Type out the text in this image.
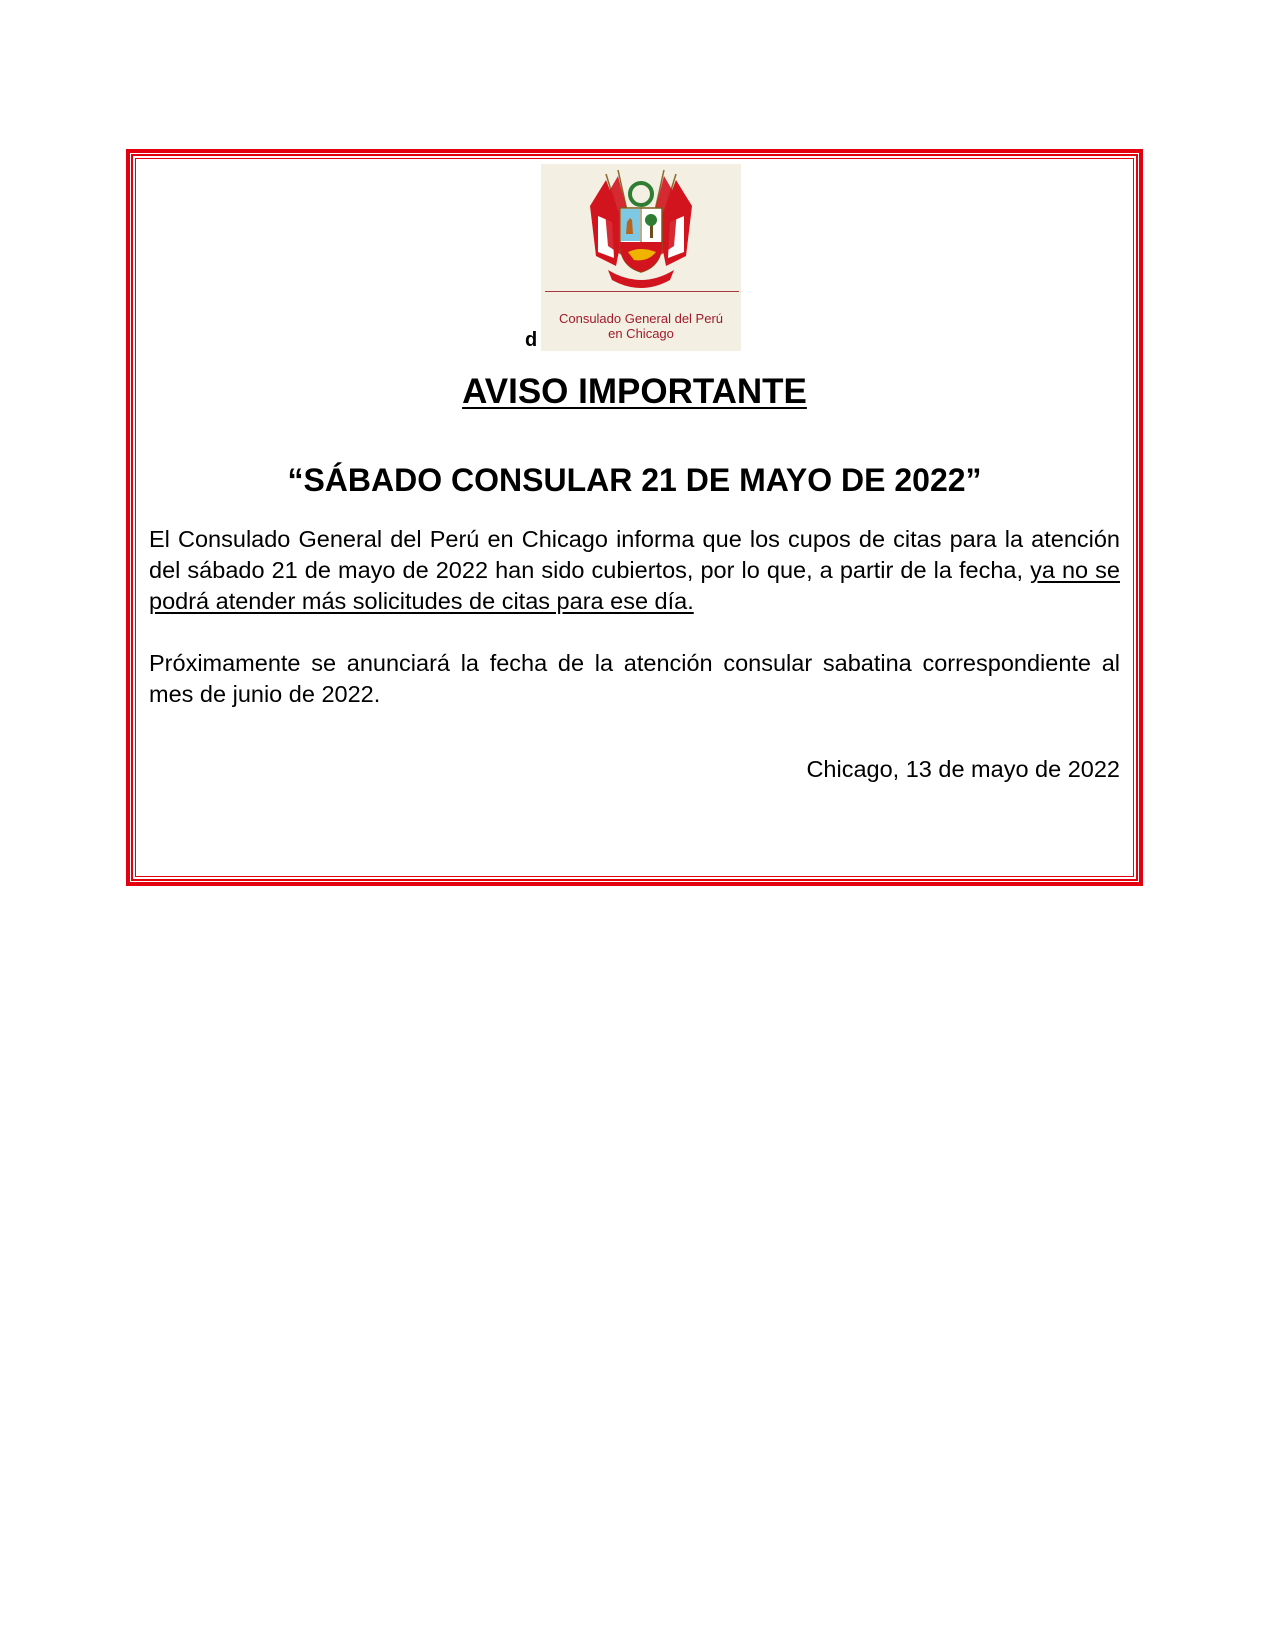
d
Consulado General del Perú
en Chicago
AVISO IMPORTANTE
“SÁBADO CONSULAR 21 DE MAYO DE 2022”

El Consulado General del Perú en Chicago informa que los cupos de citas para la atención del sábado 21 de mayo de 2022 han sido cubiertos, por lo que, a partir de la fecha, ya no se podrá atender más solicitudes de citas para ese día.

Próximamente se anunciará la fecha de la atención consular sabatina correspondiente al mes de junio de 2022.

Chicago, 13 de mayo de 2022
